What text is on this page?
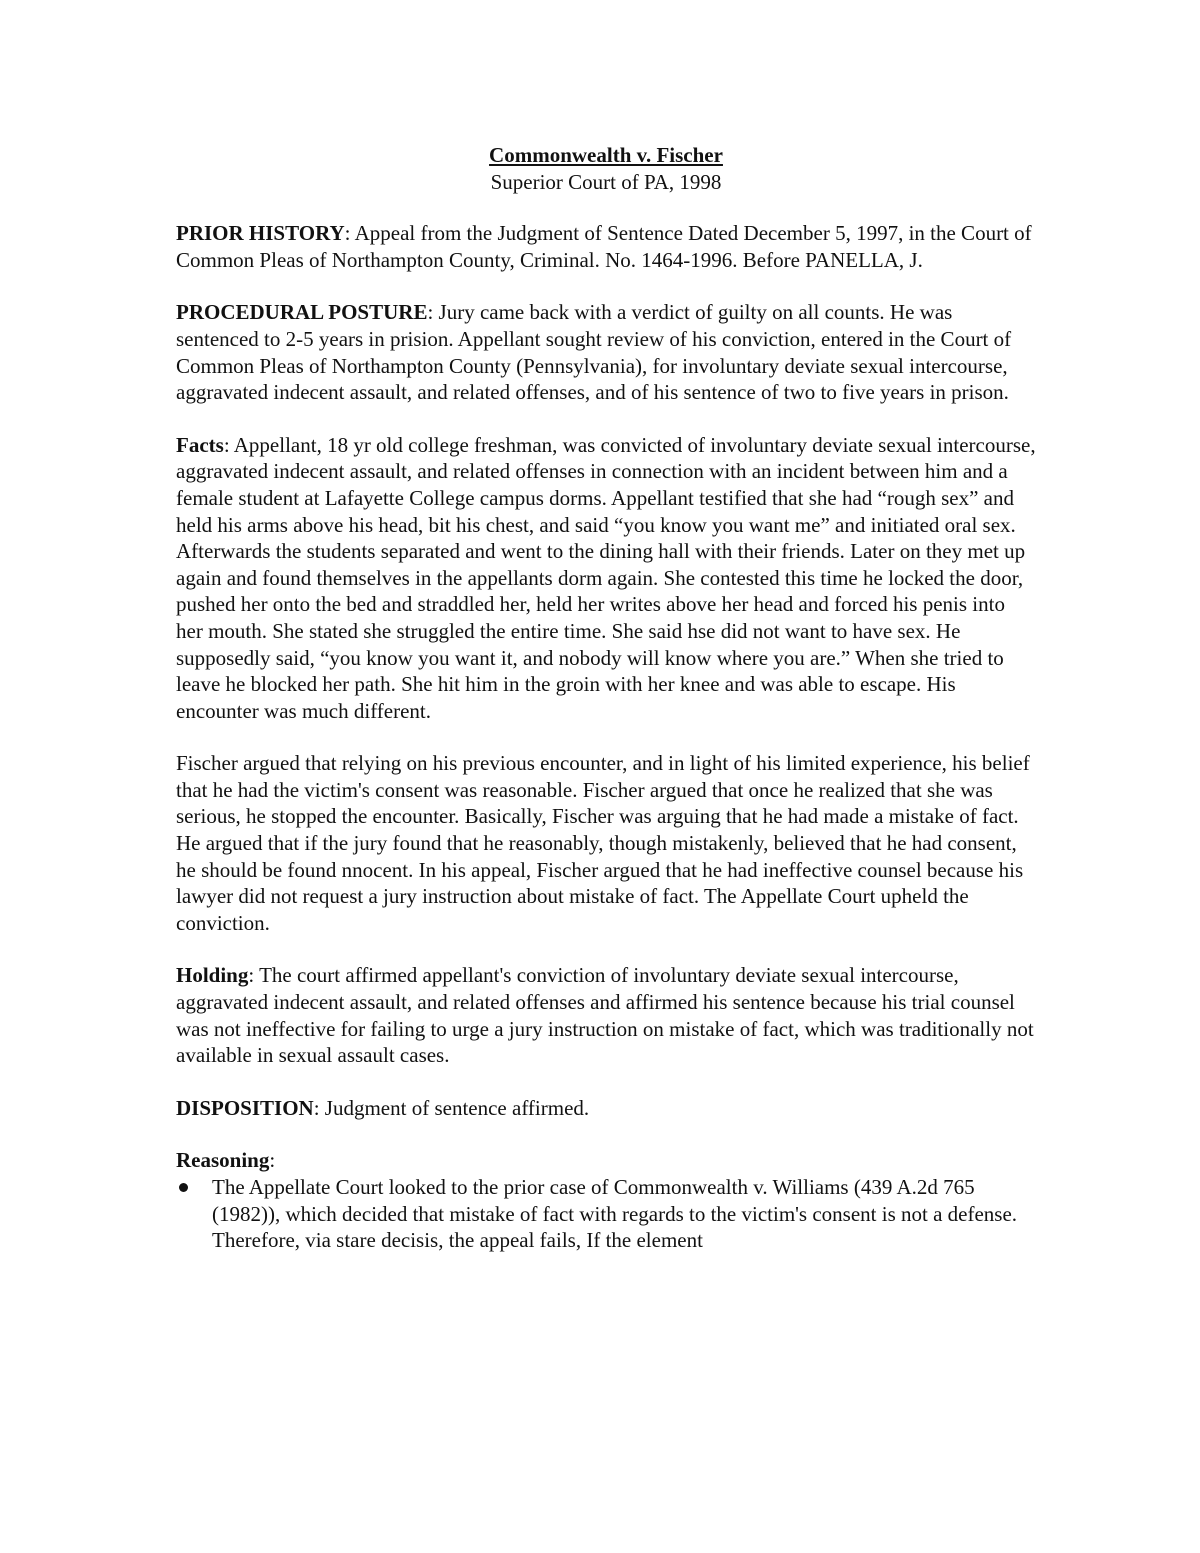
Commonwealth v. Fischer
Superior Court of PA, 1998

PRIOR HISTORY: Appeal from the Judgment of Sentence Dated December 5, 1997, in the Court of Common Pleas of Northampton County, Criminal. No. 1464-1996. Before PANELLA, J.

PROCEDURAL POSTURE: Jury came back with a verdict of guilty on all counts. He was sentenced to 2-5 years in prision. Appellant sought review of his conviction, entered in the Court of Common Pleas of Northampton County (Pennsylvania), for involuntary deviate sexual intercourse, aggravated indecent assault, and related offenses, and of his sentence of two to five years in prison.

Facts: Appellant, 18 yr old college freshman, was convicted of involuntary deviate sexual intercourse, aggravated indecent assault, and related offenses in connection with an incident between him and a female student at Lafayette College campus dorms. Appellant testified that she had “rough sex” and held his arms above his head, bit his chest, and said “you know you want me” and initiated oral sex. Afterwards the students separated and went to the dining hall with their friends. Later on they met up again and found themselves in the appellants dorm again. She contested this time he locked the door, pushed her onto the bed and straddled her, held her writes above her head and forced his penis into her mouth. She stated she struggled the entire time. She said hse did not want to have sex. He supposedly said, “you know you want it, and nobody will know where you are.” When she tried to leave he blocked her path. She hit him in the groin with her knee and was able to escape. His encounter was much different.

Fischer argued that relying on his previous encounter, and in light of his limited experience, his belief that he had the victim's consent was reasonable. Fischer argued that once he realized that she was serious, he stopped the encounter. Basically, Fischer was arguing that he had made a mistake of fact. He argued that if the jury found that he reasonably, though mistakenly, believed that he had consent, he should be found nnocent. In his appeal, Fischer argued that he had ineffective counsel because his lawyer did not request a jury instruction about mistake of fact. The Appellate Court upheld the conviction.

Holding: The court affirmed appellant's conviction of involuntary deviate sexual intercourse, aggravated indecent assault, and related offenses and affirmed his sentence because his trial counsel was not ineffective for failing to urge a jury instruction on mistake of fact, which was traditionally not available in sexual assault cases.

DISPOSITION: Judgment of sentence affirmed.

Reasoning:
The Appellate Court looked to the prior case of Commonwealth v. Williams (439 A.2d 765 (1982)), which decided that mistake of fact with regards to the victim's consent is not a defense. Therefore, via stare decisis, the appeal fails, If the element
